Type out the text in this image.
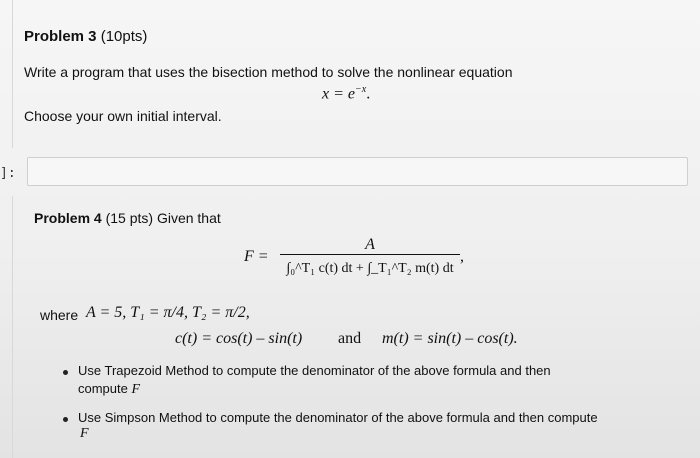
Problem 3 (10pts)
Write a program that uses the bisection method to solve the nonlinear equation
$x = e^{-x}$.
Choose your own initial interval.
]:
Problem 4 (15 pts) Given that
F =
A
∫₀^T₁ c(t) dt + ∫_T₁^T₂ m(t) dt
,
where A = 5, T₁ = π/4, T₂ = π/2,
c(t) = cos(t) – sin(t) and m(t) = sin(t) – cos(t).
Use Trapezoid Method to compute the denominator of the above formula and then
compute F
Use Simpson Method to compute the denominator of the above formula and then compute
F
